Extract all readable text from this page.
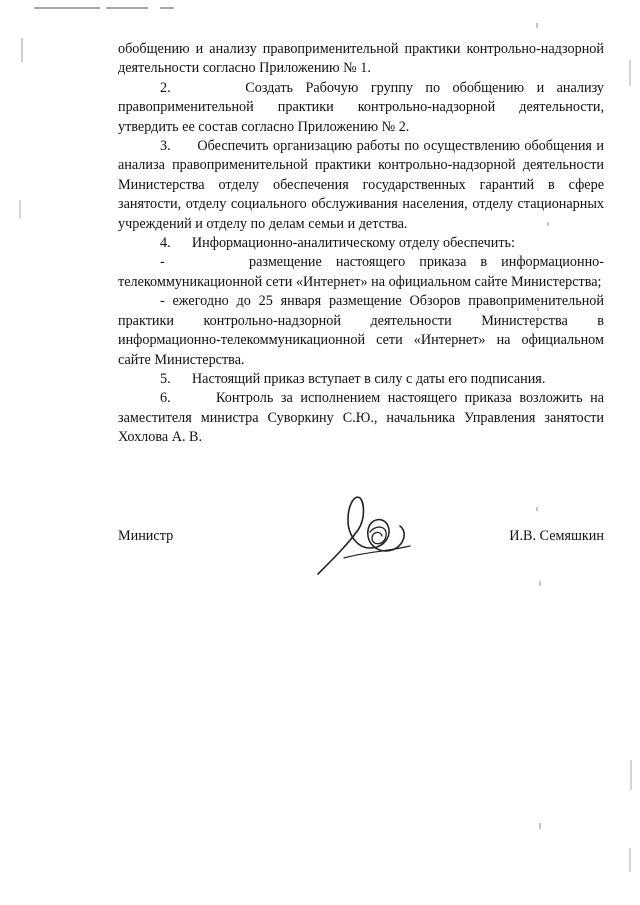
обобщению и анализу правоприменительной практики контрольно-надзорной деятельности согласно Приложению № 1.

2.      Создать Рабочую группу по обобщению и анализу правоприменительной практики контрольно-надзорной деятельности, утвердить ее состав согласно Приложению № 2.

3.      Обеспечить организацию работы по осуществлению обобщения и анализа правоприменительной практики контрольно-надзорной деятельности Министерства отделу обеспечения государственных гарантий в сфере занятости, отделу социального обслуживания населения, отделу стационарных учреждений и отделу по делам семьи и детства.

4.      Информационно-аналитическому отделу обеспечить:

-      размещение настоящего приказа в информационно-телекоммуникационной сети «Интернет» на официальном сайте Министерства;

- ежегодно до 25 января размещение Обзоров правоприменительной практики контрольно-надзорной деятельности Министерства в информационно-телекоммуникационной сети «Интернет» на официальном сайте Министерства.

5.      Настоящий приказ вступает в силу с даты его подписания.

6.      Контроль за исполнением настоящего приказа возложить на заместителя министра Суворкину С.Ю., начальника Управления занятости Хохлова А. В.

Министр	И.В. Семяшкин
